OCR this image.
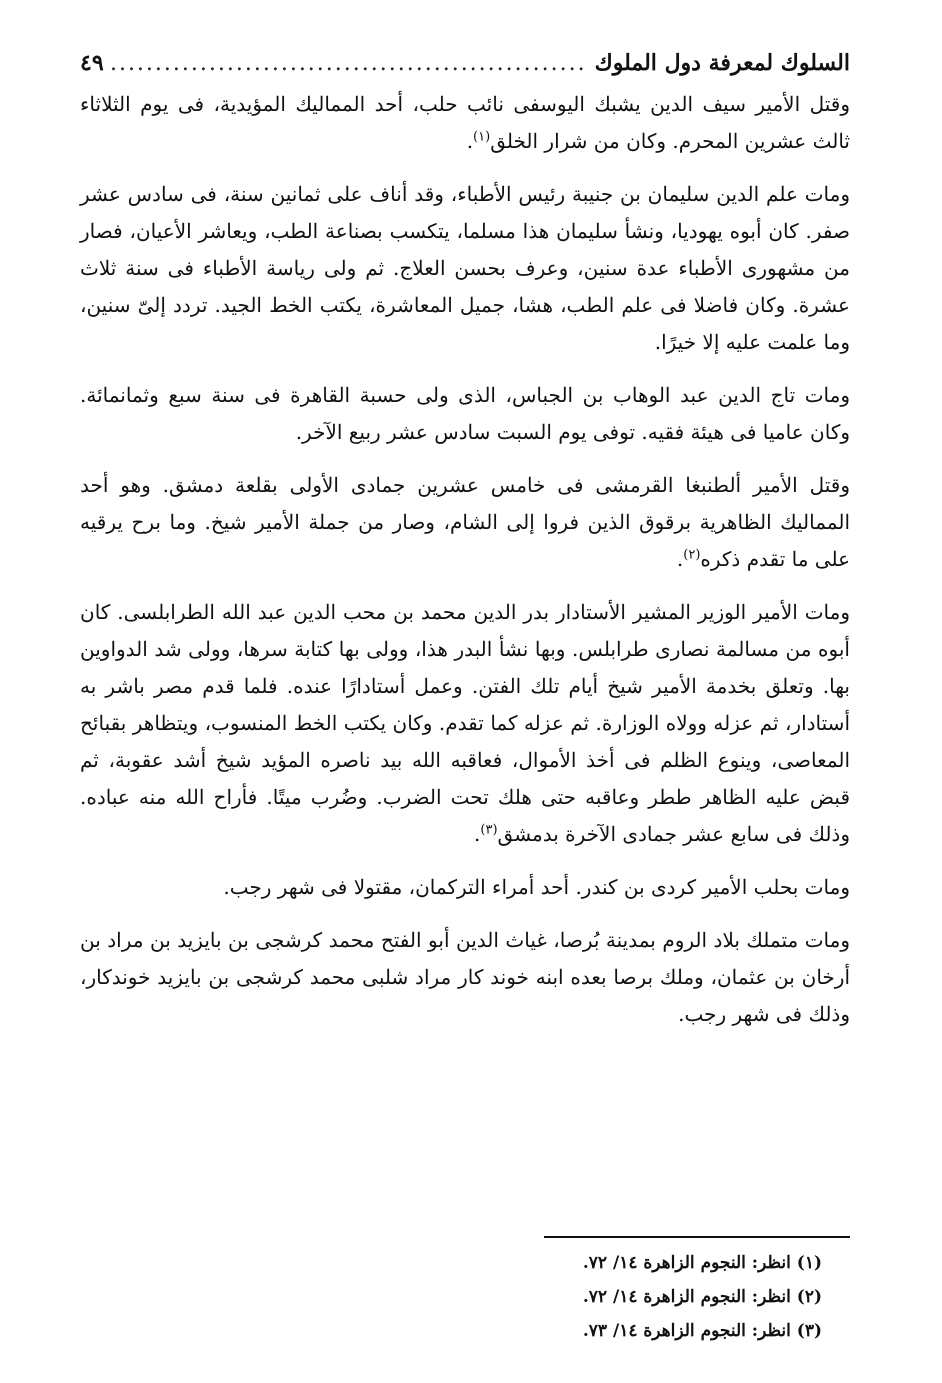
السلوك لمعرفة دول الملوك
.....
٤٩

وقتل الأمير سيف الدين يشبك اليوسفى نائب حلب، أحد المماليك المؤيدية، فى يوم الثلاثاء ثالث عشرين المحرم. وكان من شرار الخلق$^{(١)}$.

ومات علم الدين سليمان بن جنيبة رئيس الأطباء، وقد أناف على ثمانين سنة، فى سادس عشر صفر. كان أبوه يهوديا، ونشأ سليمان هذا مسلما، يتكسب بصناعة الطب، ويعاشر الأعيان، فصار من مشهورى الأطباء عدة سنين، وعرف بحسن العلاج. ثم ولى رياسة الأطباء فى سنة ثلاث عشرة. وكان فاضلا فى علم الطب، هشا، جميل المعاشرة، يكتب الخط الجيد. تردد إلىّ سنين، وما علمت عليه إلا خيرًا.

ومات تاج الدين عبد الوهاب بن الجباس، الذى ولى حسبة القاهرة فى سنة سبع وثمانمائة. وكان عاميا فى هيئة فقيه. توفى يوم السبت سادس عشر ربيع الآخر.

وقتل الأمير ألطنبغا القرمشى فى خامس عشرين جمادى الأولى بقلعة دمشق. وهو أحد المماليك الظاهرية برقوق الذين فروا إلى الشام، وصار من جملة الأمير شيخ. وما برح يرقيه على ما تقدم ذكره$^{(٢)}$.

ومات الأمير الوزير المشير الأستادار بدر الدين محمد بن محب الدين عبد الله الطرابلسى. كان أبوه من مسالمة نصارى طرابلس. وبها نشأ البدر هذا، وولى بها كتابة سرها، وولى شد الدواوين بها. وتعلق بخدمة الأمير شيخ أيام تلك الفتن. وعمل أستادارًا عنده. فلما قدم مصر باشر به أستادار، ثم عزله وولاه الوزارة. ثم عزله كما تقدم. وكان يكتب الخط المنسوب، ويتظاهر بقبائح المعاصى، وينوع الظلم فى أخذ الأموال، فعاقبه الله بيد ناصره المؤيد شيخ أشد عقوبة، ثم قبض عليه الظاهر ططر وعاقبه حتى هلك تحت الضرب. وضُرب ميتًا. فأراح الله منه عباده. وذلك فى سابع عشر جمادى الآخرة بدمشق$^{(٣)}$.

ومات بحلب الأمير كردى بن كندر. أحد أمراء التركمان، مقتولا فى شهر رجب.

ومات متملك بلاد الروم بمدينة بُرصا، غياث الدين أبو الفتح محمد كرشجى بن بايزيد بن مراد بن أرخان بن عثمان، وملك برصا بعده ابنه خوند كار مراد شلبى محمد كرشجى بن بايزيد خوندكار، وذلك فى شهر رجب.

(١) انظر: النجوم الزاهرة ١٤/ ٧٢.
(٢) انظر: النجوم الزاهرة ١٤/ ٧٢.
(٣) انظر: النجوم الزاهرة ١٤/ ٧٣.
